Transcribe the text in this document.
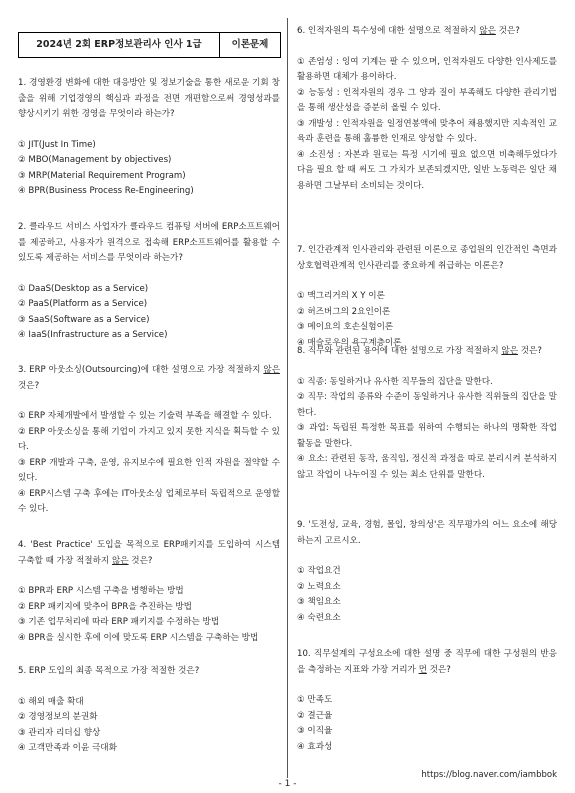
2024년 2회 ERP정보관리사 인사 1급	이론문제

1. 경영환경 변화에 대한 대응방안 및 정보기술을 통한 새로운 기회 창출을 위해 기업경영의 핵심과 과정을 전면 개편함으로써 경영성과를 향상시키기 위한 경영을 무엇이라 하는가?

① JIT(Just In Time)
② MBO(Management by objectives)
③ MRP(Material Requirement Program)
④ BPR(Business Process Re-Engineering)

2. 클라우드 서비스 사업자가 클라우드 컴퓨팅 서버에 ERP소프트웨어를 제공하고, 사용자가 원격으로 접속해 ERP소프트웨어를 활용할 수 있도록 제공하는 서비스를 무엇이라 하는가?

① DaaS(Desktop as a Service)
② PaaS(Platform as a Service)
③ SaaS(Software as a Service)
④ IaaS(Infrastructure as a Service)

3. ERP 아웃소싱(Outsourcing)에 대한 설명으로 가장 적절하지 않은 것은?

① ERP 자체개발에서 발생할 수 있는 기술력 부족을 해결할 수 있다.
② ERP 아웃소싱을 통해 기업이 가지고 있지 못한 지식을 획득할 수 있다.
③ ERP 개발과 구축, 운영, 유지보수에 필요한 인적 자원을 절약할 수 있다.
④ ERP시스템 구축 후에는 IT아웃소싱 업체로부터 독립적으로 운영할 수 있다.

4. 'Best Practice' 도입을 목적으로 ERP패키지를 도입하여 시스템 구축할 때 가장 적절하지 않은 것은?

① BPR과 ERP 시스템 구축을 병행하는 방법
② ERP 패키지에 맞추어 BPR을 추진하는 방법
③ 기존 업무처리에 따라 ERP 패키지를 수정하는 방법
④ BPR을 실시한 후에 이에 맞도록 ERP 시스템을 구축하는 방법

5. ERP 도입의 최종 목적으로 가장 적절한 것은?

① 해외 매출 확대
② 경영정보의 분권화
③ 관리자 리더십 향상
④ 고객만족과 이윤 극대화

6. 인적자원의 특수성에 대한 설명으로 적절하지 않은 것은?

① 존엄성 : 잉여 기계는 팔 수 있으며, 인적자원도 다양한 인사제도를 활용하면 대체가 용이하다.
② 능동성 : 인적자원의 경우 그 양과 질이 부족해도 다양한 관리기법을 통해 생산성을 증분히 올릴 수 있다.
③ 개발성 : 인적자원을 일정연봉액에 맞추어 채용했지만 지속적인 교육과 훈련을 통해 훌륭한 인재로 양성할 수 있다.
④ 소진성 : 자본과 원료는 특정 시기에 필요 없으면 비축해두었다가 다음 필요 할 때 써도 그 가치가 보존되겠지만, 일반 노동력은 일단 채용하면 그날부터 소비되는 것이다.

7. 인간관계적 인사관리와 관련된 이론으로 종업원의 인간적인 측면과 상호협력관계적 인사관리를 중요하게 취급하는 이론은?

① 맥그리거의 X Y 이론
② 허즈버그의 2요인이론
③ 메이요의 호손실험이론
④ 매슬로우의 욕구계층이론

8. 직무와 관련된 용어에 대한 설명으로 가장 적절하지 않은 것은?

① 직종: 동일하거나 유사한 직무들의 집단을 말한다.
② 직무: 작업의 종류와 수준이 동일하거나 유사한 직위들의 집단을 말한다.
③ 과업: 독립된 특정한 목표를 위하여 수행되는 하나의 명확한 작업 활동을 말한다.
④ 요소: 관련된 동작, 움직임, 정신적 과정을 따로 분리시켜 분석하지 않고 작업이 나누어질 수 있는 최소 단위를 말한다.

9. '도전성, 교육, 경험, 몰입, 창의성'은 직무평가의 어느 요소에 해당하는지 고르시오.

① 작업요건
② 노력요소
③ 책임요소
④ 숙련요소

10. 직무설계의 구성요소에 대한 설명 중 직무에 대한 구성원의 반응을 측정하는 지표와 가장 거리가 먼 것은?

① 만족도
② 결근율
③ 이직율
④ 효과성
https://blog.naver.com/iambbok
- 1 -
